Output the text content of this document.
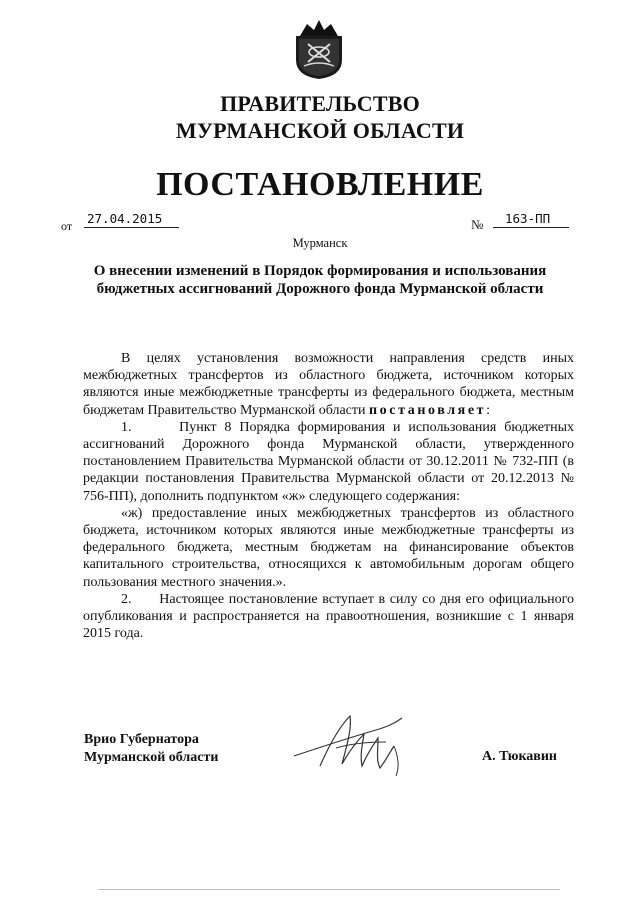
ПРАВИТЕЛЬСТВО
МУРМАНСКОЙ ОБЛАСТИ
ПОСТАНОВЛЕНИЕ
от 27.04.2015	№	163-ПП
Мурманск
О внесении изменений в Порядок формирования и использования
бюджетных ассигнований Дорожного фонда Мурманской области

В целях установления возможности направления средств иных межбюджетных трансфертов из областного бюджета, источником которых являются иные межбюджетные трансферты из федерального бюджета, местным бюджетам Правительство Мурманской области постановляет:

1.      Пункт 8 Порядка формирования и использования бюджетных ассигнований Дорожного фонда Мурманской области, утвержденного постановлением Правительства Мурманской области от 30.12.2011 № 732-ПП (в редакции постановления Правительства Мурманской области от 20.12.2013 № 756-ПП), дополнить подпунктом «ж» следующего содержания:

«ж) предоставление иных межбюджетных трансфертов из областного бюджета, источником которых являются иные межбюджетные трансферты из федерального бюджета, местным бюджетам на финансирование объектов капитального строительства, относящихся к автомобильным дорогам общего пользования местного значения.».

2.      Настоящее постановление вступает в силу со дня его официального опубликования и распространяется на правоотношения, возникшие с 1 января 2015 года.

Врио Губернатора
Мурманской области	А. Тюкавин
